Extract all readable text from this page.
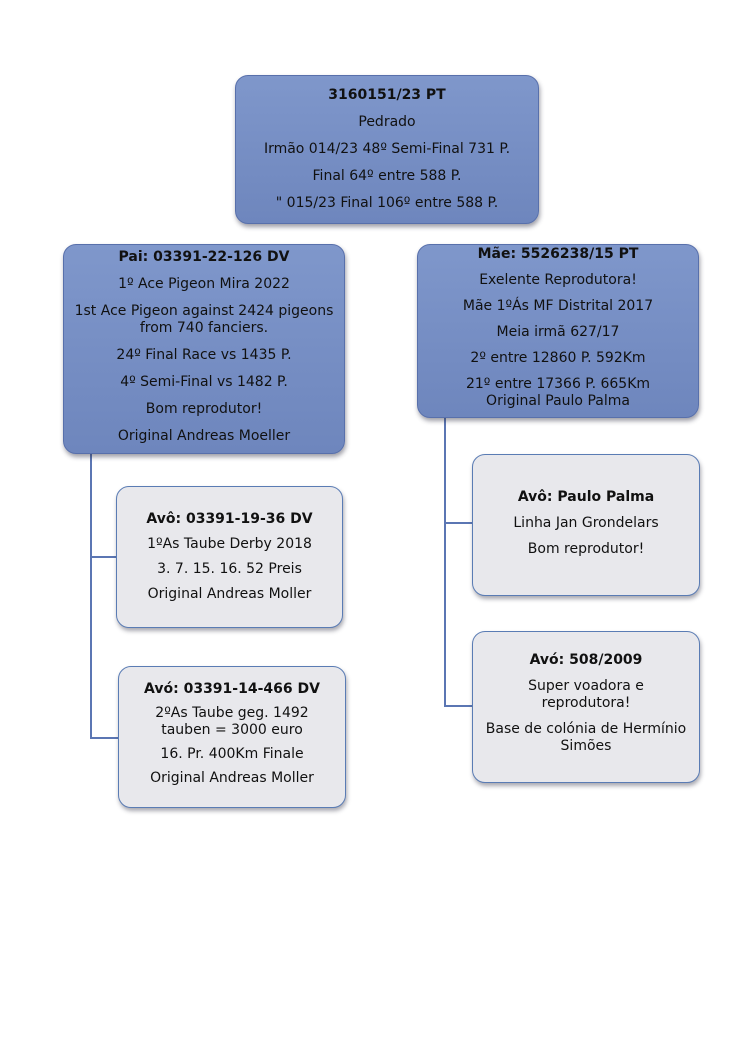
3160151/23 PT
Pedrado
Irmão 014/23 48º Semi-Final 731 P.
Final 64º entre 588 P.
" 015/23 Final 106º entre 588 P.
Pai: 03391-22-126 DV
1º Ace Pigeon Mira 2022
1st Ace Pigeon against 2424 pigeons from 740 fanciers.
24º Final Race vs 1435 P.
4º Semi-Final vs 1482 P.
Bom reprodutor!
Original Andreas Moeller
Mãe: 5526238/15 PT
Exelente Reprodutora!
Mãe 1ºÁs MF Distrital 2017
Meia irmã 627/17
2º entre 12860 P. 592Km
21º entre 17366 P. 665Km
Original Paulo Palma
Avô: 03391-19-36 DV
1ºAs Taube Derby 2018
3. 7. 15. 16. 52 Preis
Original Andreas Moller
Avó: 03391-14-466 DV
2ºAs Taube geg. 1492 tauben = 3000 euro
16. Pr. 400Km Finale
Original Andreas Moller
Avô: Paulo Palma
Linha Jan Grondelars
Bom reprodutor!
Avó: 508/2009
Super voadora e reprodutora!
Base de colónia de Hermínio Simões
